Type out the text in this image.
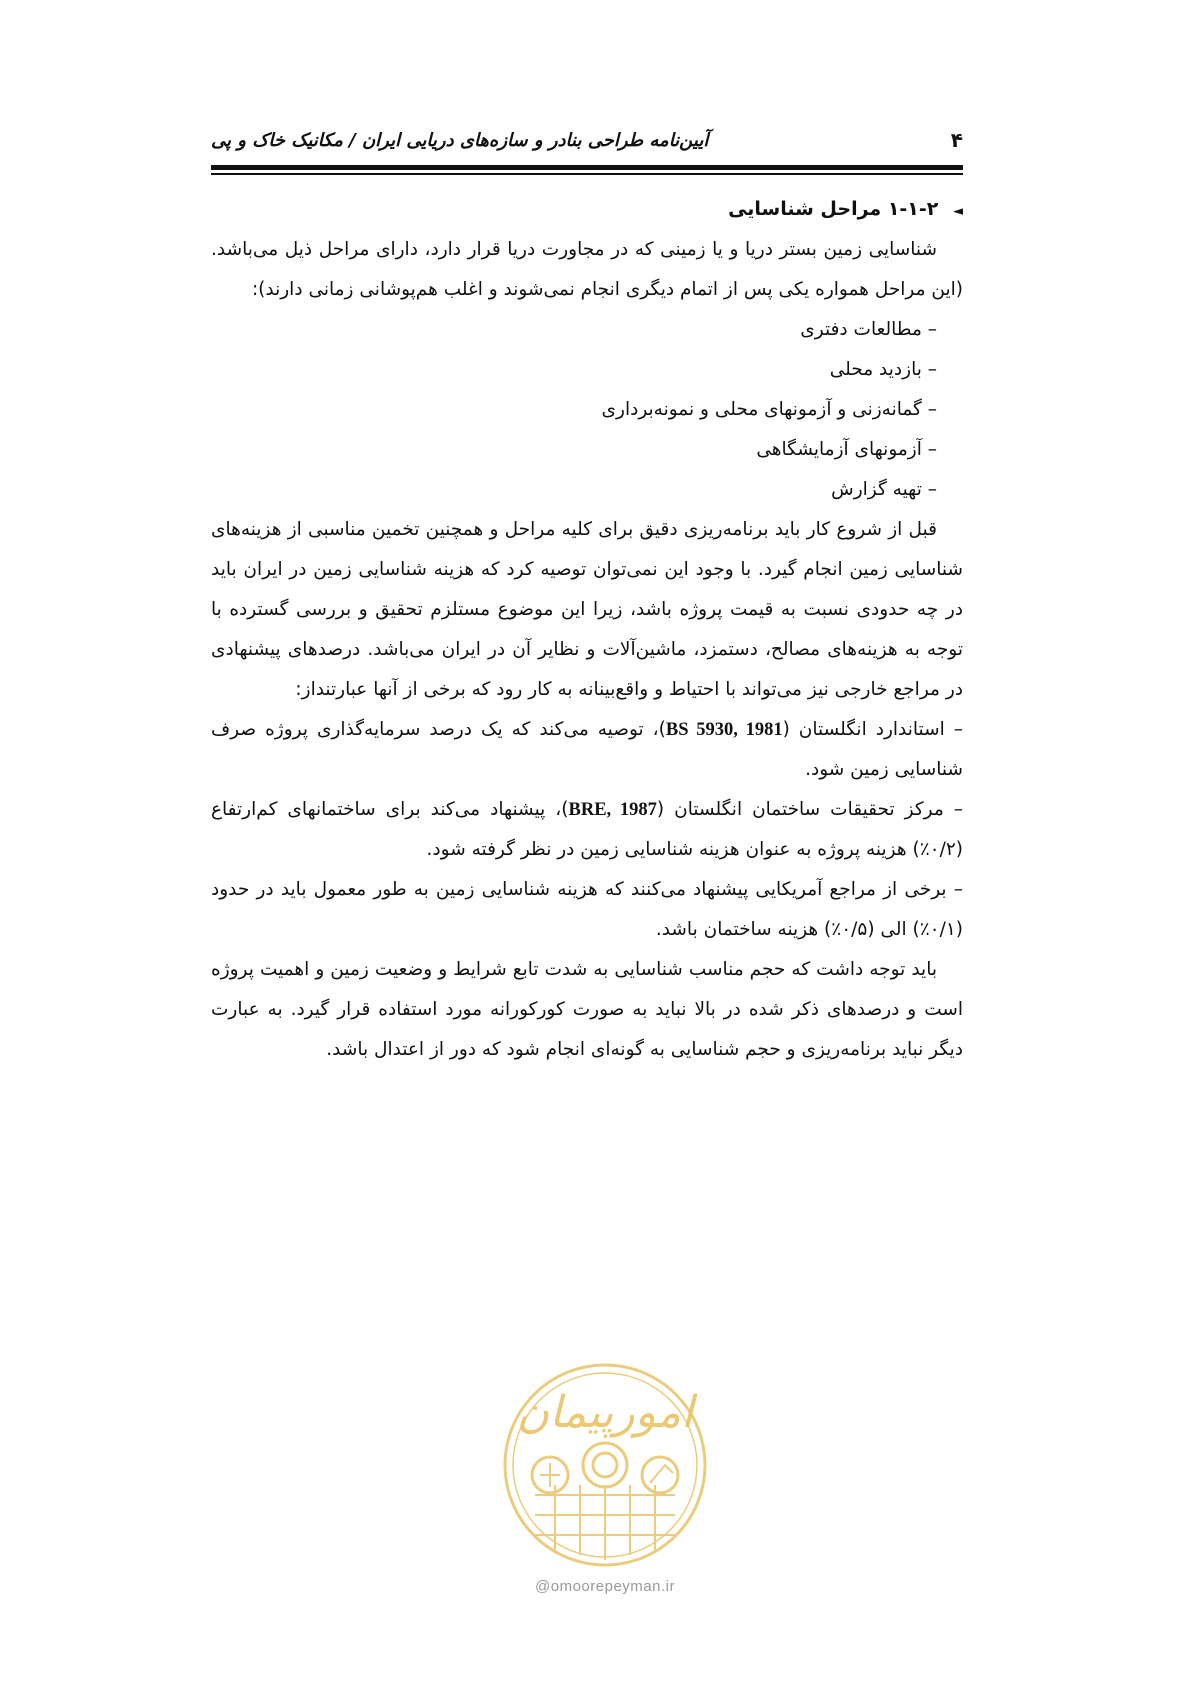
۴
آیین‌نامه طراحی بنادر و سازه‌های دریایی ایران / مکانیک خاک و پی
◄ ۱-۱-۲ مراحل شناسایی

شناسایی زمین بستر دریا و یا زمینی که در مجاورت دریا قرار دارد، دارای مراحل ذیل می‌باشد. (این مراحل همواره یکی پس از اتمام دیگری انجام نمی‌شوند و اغلب هم‌پوشانی زمانی دارند):

– مطالعات دفتری
– بازدید محلی
– گمانه‌زنی و آزمونهای محلی و نمونه‌برداری
– آزمونهای آزمایشگاهی
– تهیه گزارش

قبل از شروع کار باید برنامه‌ریزی دقیق برای کلیه مراحل و همچنین تخمین مناسبی از هزینه‌های شناسایی زمین انجام گیرد. با وجود این نمی‌توان توصیه کرد که هزینه شناسایی زمین در ایران باید در چه حدودی نسبت به قیمت پروژه باشد، زیرا این موضوع مستلزم تحقیق و بررسی گسترده با توجه به هزینه‌های مصالح، دستمزد، ماشین‌آلات و نظایر آن در ایران می‌باشد. درصدهای پیشنهادی در مراجع خارجی نیز می‌تواند با احتیاط و واقع‌بینانه به کار رود که برخی از آنها عبارتنداز:

– استاندارد انگلستان (BS 5930, 1981)، توصیه می‌کند که یک درصد سرمایه‌گذاری پروژه صرف شناسایی زمین شود.

– مرکز تحقیقات ساختمان انگلستان (BRE, 1987)، پیشنهاد می‌کند برای ساختمانهای کم‌ارتفاع (۰/۲٪) هزینه پروژه به عنوان هزینه شناسایی زمین در نظر گرفته شود.

– برخی از مراجع آمریکایی پیشنهاد می‌کنند که هزینه شناسایی زمین به طور معمول باید در حدود (۰/۱٪) الی (۰/۵٪) هزینه ساختمان باشد.

باید توجه داشت که حجم مناسب شناسایی به شدت تابع شرایط و وضعیت زمین و اهمیت پروژه است و درصدهای ذکر شده در بالا نباید به صورت کورکورانه مورد استفاده قرار گیرد. به عبارت دیگر نباید برنامه‌ریزی و حجم شناسایی به گونه‌ای انجام شود که دور از اعتدال باشد.

امورپیمان
@omoorepeyman.ir
